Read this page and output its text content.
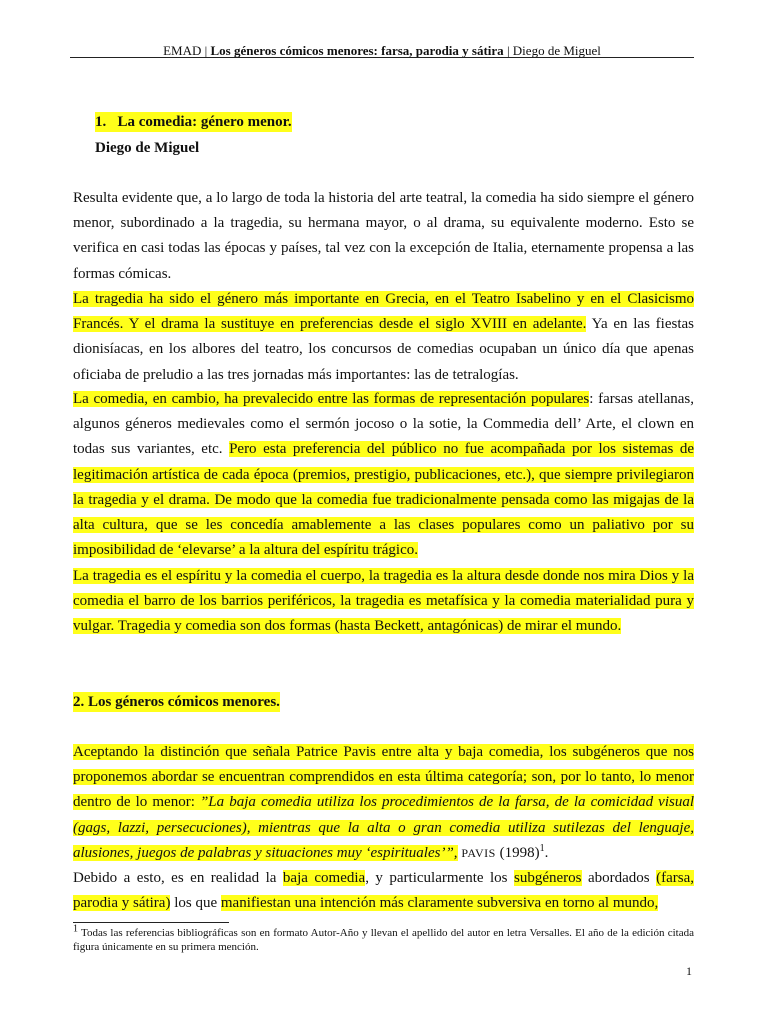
EMAD | Los géneros cómicos menores: farsa, parodia y sátira | Diego de Miguel
1. La comedia: género menor.
Diego de Miguel
Resulta evidente que, a lo largo de toda la historia del arte teatral, la comedia ha sido siempre el género menor, subordinado a la tragedia, su hermana mayor, o al drama, su equivalente moderno. Esto se verifica en casi todas las épocas y países, tal vez con la excepción de Italia, eternamente propensa a las formas cómicas.
La tragedia ha sido el género más importante en Grecia, en el Teatro Isabelino y en el Clasicismo Francés. Y el drama la sustituye en preferencias desde el siglo XVIII en adelante. Ya en las fiestas dionisíacas, en los albores del teatro, los concursos de comedias ocupaban un único día que apenas oficiaba de preludio a las tres jornadas más importantes: las de tetralogías.
La comedia, en cambio, ha prevalecido entre las formas de representación populares: farsas atellanas, algunos géneros medievales como el sermón jocoso o la sotie, la Commedia dell’ Arte, el clown en todas sus variantes, etc. Pero esta preferencia del público no fue acompañada por los sistemas de legitimación artística de cada época (premios, prestigio, publicaciones, etc.), que siempre privilegiaron la tragedia y el drama. De modo que la comedia fue tradicionalmente pensada como las migajas de la alta cultura, que se les concedía amablemente a las clases populares como un paliativo por su imposibilidad de ‘elevarse’ a la altura del espíritu trágico.
La tragedia es el espíritu y la comedia el cuerpo, la tragedia es la altura desde donde nos mira Dios y la comedia el barro de los barrios periféricos, la tragedia es metafísica y la comedia materialidad pura y vulgar. Tragedia y comedia son dos formas (hasta Beckett, antagónicas) de mirar el mundo.
2. Los géneros cómicos menores.
Aceptando la distinción que señala Patrice Pavis entre alta y baja comedia, los subgéneros que nos proponemos abordar se encuentran comprendidos en esta última categoría; son, por lo tanto, lo menor dentro de lo menor: ”La baja comedia utiliza los procedimientos de la farsa, de la comicidad visual (gags, lazzi, persecuciones), mientras que la alta o gran comedia utiliza sutilezas del lenguaje, alusiones, juegos de palabras y situaciones muy ‘espirituales’”, PAVIS $(1998)^1$.
Debido a esto, es en realidad la baja comedia, y particularmente los subgéneros abordados (farsa, parodia y sátira) los que manifiestan una intención más claramente subversiva en torno al mundo,
$^1$ Todas las referencias bibliográficas son en formato Autor-Año y llevan el apellido del autor en letra Versalles. El año de la edición citada figura únicamente en su primera mención.
1
